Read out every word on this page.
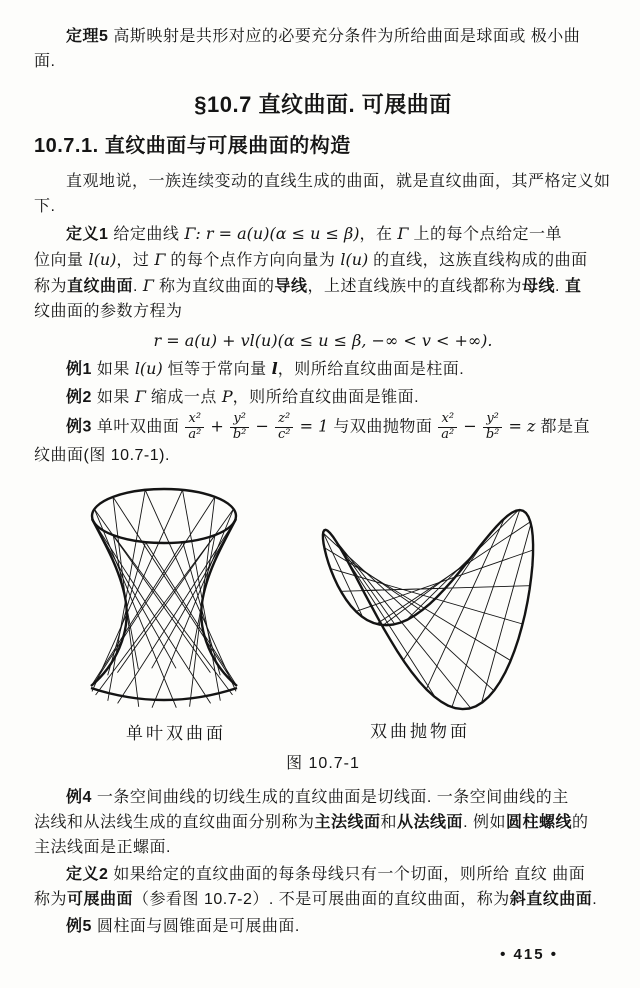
定理5 高斯映射是共形对应的必要充分条件为所给曲面是球面或 极小曲
面.
§10.7 直纹曲面. 可展曲面
10.7.1. 直纹曲面与可展曲面的构造
直观地说，一族连续变动的直线生成的曲面，就是直纹曲面，其严格定义如
下.
定义1 给定曲线 Γ: r = a(u)(α ≤ u ≤ β)，在 Γ 上的每个点给定一单
位向量 l(u)，过 Γ 的每个点作方向向量为 l(u) 的直线，这族直线构成的曲面
称为直纹曲面. Γ 称为直纹曲面的导线，上述直线族中的直线都称为母线. 直
纹曲面的参数方程为
r = a(u) + vl(u)(α ≤ u ≤ β, −∞ < v < +∞).
例1 如果 l(u) 恒等于常向量 l，则所给直纹曲面是柱面.
例2 如果 Γ 缩成一点 P，则所给直纹曲面是锥面.
例3 单叶双曲面 $\frac{\text{x²}}{\text{a²}} + \frac{\text{y²}}{\text{b²}} - \frac{\text{z²}}{\text{c²}} = 1$ 与双曲抛物面 $\frac{\text{x²}}{\text{a²}} - \frac{\text{y²}}{\text{b²}} = z$ 都是直
纹曲面(图 10.7-1).
单叶双曲面	双曲抛物面
图 10.7-1
例4 一条空间曲线的切线生成的直纹曲面是切线面. 一条空间曲线的主
法线和从法线生成的直纹曲面分别称为主法线面和从法线面. 例如圆柱螺线的
主法线面是正螺面.
定义2 如果给定的直纹曲面的每条母线只有一个切面，则所给 直纹 曲面
称为可展曲面（参看图 10.7-2）. 不是可展曲面的直纹曲面，称为斜直纹曲面.
例5 圆柱面与圆锥面是可展曲面.
• 415 •
